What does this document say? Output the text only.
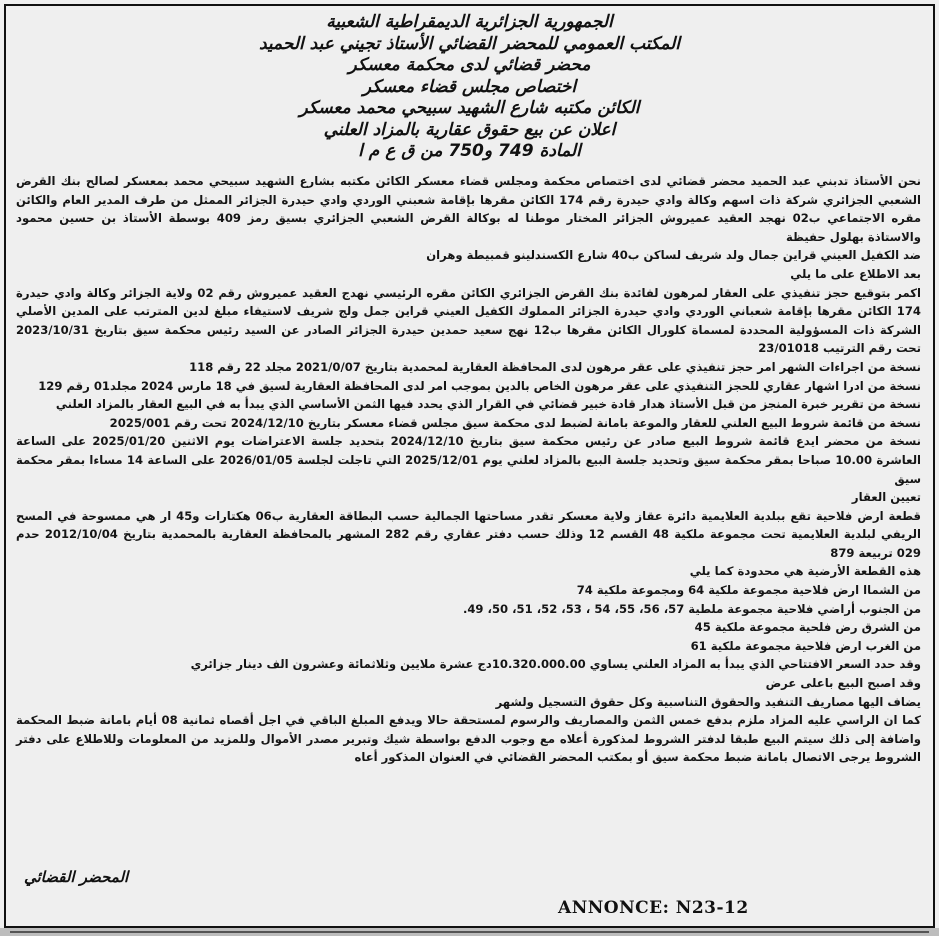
الجمهورية الجزائرية الديمقراطية الشعبية
المكتب العمومي للمحضر القضائي الأستاذ تجيني عبد الحميد
محضر قضائي لدى محكمة معسكر
اختصاص مجلس قضاء معسكر
الكائن مكتبه شارع الشهيد سبيحي محمد معسكر
اعلان عن بيع حقوق عقارية بالمزاد العلني
المادة 749 و750 من ق ع م ا

نحن الأستاذ تدبني عبد الحميد محضر قضائي لدى اختصاص محكمة ومجلس قضاء معسكر الكائن مكتبه بشارع الشهيد سبيحي محمد بمعسكر لصالح بنك القرض الشعبي الجزائري شركة ذات اسهم وكالة وادي حيدرة رقم 174 الكائن مقرها بإقامة شعبني الوردي وادي حيدرة الجزائر الممثل من طرف المدير العام والكائن مقره الاجتماعي ب02 نهجد العقيد عميروش الجزائر المختار موطنا له بوكالة القرض الشعبي الجزائري بسيق رمز 409 بوسطة الأستاذ بن حسين محمود والاستاذة بهلول حفيظة

ضد الكفيل العيني قراين جمال ولد شريف لساكن ب40 شارع الكسندلينو قمبيطة وهران

بعد الاطلاع على ما يلي

اكمر بتوقيع حجز تنفيذي على العقار لمرهون لفائدة بنك القرض الجزائري الكائن مقره الرئيسي نهدج العقيد عميروش رقم 02 ولاية الجزائر وكالة وادي حيدرة 174 الكائن مقرها بإقامة شعباني الوردي وادي حيدرة الجزائر المملوك الكفيل العيني قراين جمل ولج شريف لاستيفاء مبلغ لدين المترتب على المدين الأصلي الشركة ذات المسؤولية المحددة لمسماة كلورال الكائن مقرها ب12 نهج سعيد حمدين حيدرة الجزائر الصادر عن السيد رئيس محكمة سيق بتاريخ 2023/10/31 تحت رقم الترتيب 23/01018

نسخة من اجراءات الشهر امر حجز تنفيذي على عقر مرهون لدى المحافظة العقارية لمحمدية بتاريخ 2021/0/07 مجلد 22 رقم 118

نسخة من ادرا اشهار عقاري للحجز التنفيذي على عقر مرهون الخاص بالدين بموجب امر لدى المحافظة العقارية لسيق في 18 مارس 2024 مجلد01 رقم 129

نسخة من تقرير خبرة المنجز من قبل الأستاذ هدار قادة خبير قضائي في القرار الذي يحدد فيها الثمن الأساسي الذي يبدأ به في البيع العقار بالمزاد العلني

نسخة من قائمة شروط البيع العلني للعقار والموعة بامانة لضبط لدى محكمة سيق مجلس قضاء معسكر بتاريخ 2024/12/10 تحت رقم 2025/001

نسخة من محضر ايدع قائمة شروط البيع صادر عن رئيس محكمة سيق بتاريخ 2024/12/10 بتحديد جلسة الاعتراضات يوم الاثنين 2025/01/20 على الساعة العاشرة 10.00 صباحا بمقر محكمة سيق وتحديد جلسة البيع بالمزاد لعلني يوم 2025/12/01 التي تاجلت لجلسة 2026/01/05 على الساعة 14 مساءا بمقر محكمة سيق

تعيين العقار

قطعة ارض فلاحية تقع ببلدية العلايمية دائرة عقاز ولاية معسكر تقدر مساحتها الجمالية حسب البطاقة العقارية ب06 هكتارات و45 ار هي ممسوحة في المسح الريفي لبلدية العلايمية تحت مجموعة ملكية 48 القسم 12 وذلك حسب دفتر عقاري رقم 282 المشهر بالمحافظة العقارية بالمحمدية بتاريخ 2012/10/04 حدم 029 تربيعة 879

هذه القطعة الأرضية هي محدودة كما يلي

من الشماا ارض فلاحية مجموعة ملكية 64 ومجموعة ملكية 74

من الجنوب أراضي فلاحية مجموعة ملطية 57، 56، 55، 54 ، 53، 52، 51، 50، 49.

من الشرق رض فلحية مجموعة ملكية 45

من الغرب ارض فلاحية مجموعة ملكية 61

وقد حدد السعر الافتتاحي الذي يبدأ به المزاد العلني يساوي 10.320.000.00دج عشرة ملايين وثلاثمائة وعشرون الف دينار جزائري

وقد اصبح البيع باعلى عرض

يضاف اليها مصاريف التنفيد والحقوق التناسبية وكل حقوق التسجيل ولشهر

كما ان الراسي عليه المزاد ملزم بدفع خمس الثمن والمصاريف والرسوم لمستحقة حالا ويدفع المبلغ الباقي في اجل أقصاه ثمانية 08 أيام بامانة ضبط المحكمة واضافة إلى ذلك سيتم البيع طبقا لدفتر الشروط لمذكورة أعلاه مع وجوب الدفع بواسطة شيك وتبرير مصدر الأموال وللمزيد من المعلومات وللاطلاع على دفتر الشروط يرجى الاتصال بامانة ضبط محكمة سيق أو بمكتب المحضر القضائي في العنوان المذكور أعاه

المحضر القضائي
ANNONCE: N23-12
